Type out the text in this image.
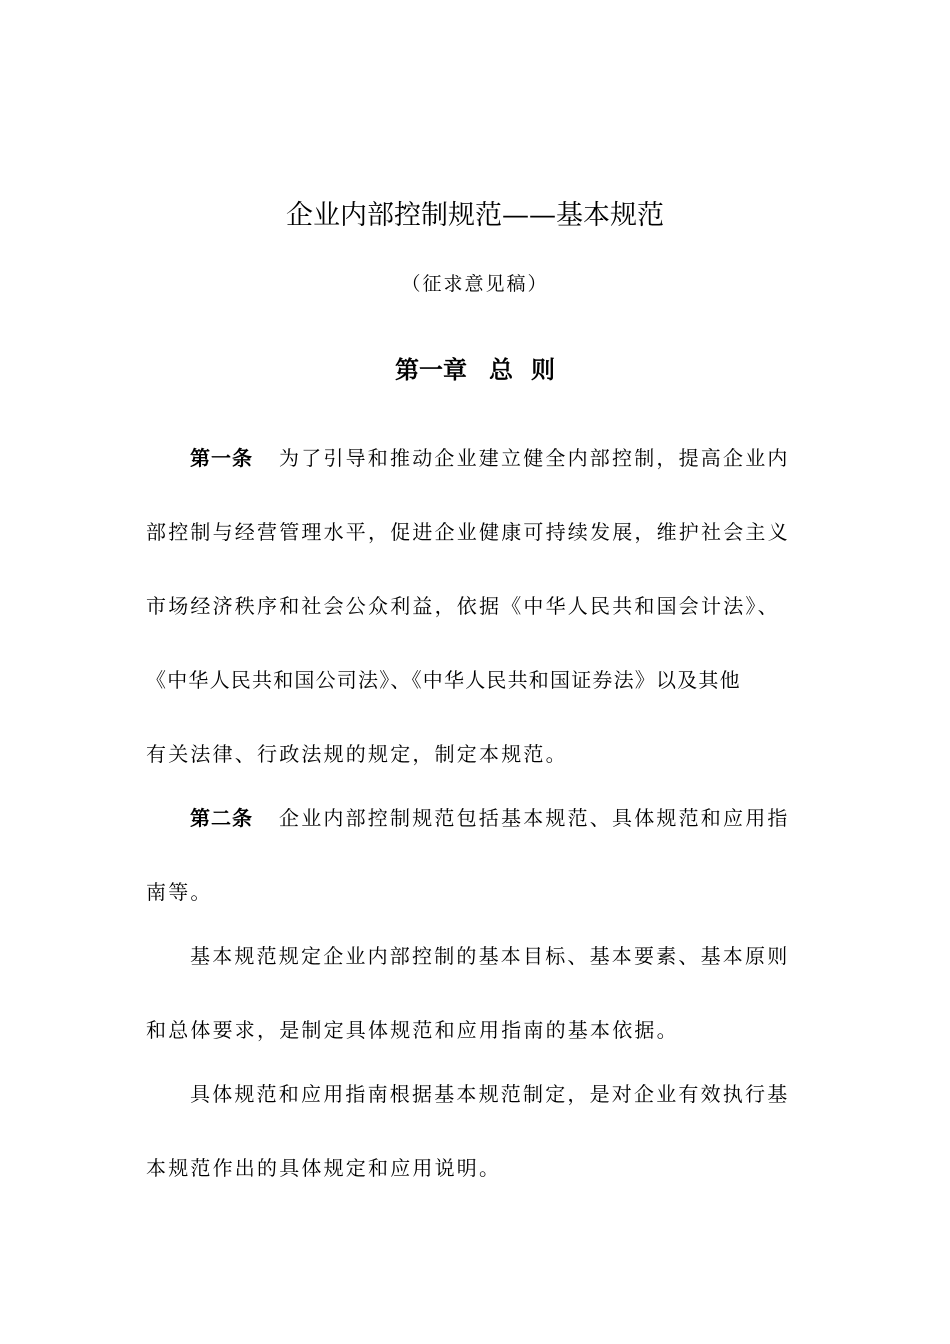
企业内部控制规范——基本规范
（征求意见稿）
第一章 总 则
第一条 为了引导和推动企业建立健全内部控制，提高企业内
部控制与经营管理水平，促进企业健康可持续发展，维护社会主义
市场经济秩序和社会公众利益，依据《中华人民共和国会计法》、
《中华人民共和国公司法》、《中华人民共和国证券法》以及其他
有关法律、行政法规的规定，制定本规范。
第二条 企业内部控制规范包括基本规范、具体规范和应用指
南等。
基本规范规定企业内部控制的基本目标、基本要素、基本原则
和总体要求，是制定具体规范和应用指南的基本依据。
具体规范和应用指南根据基本规范制定，是对企业有效执行基
本规范作出的具体规定和应用说明。
